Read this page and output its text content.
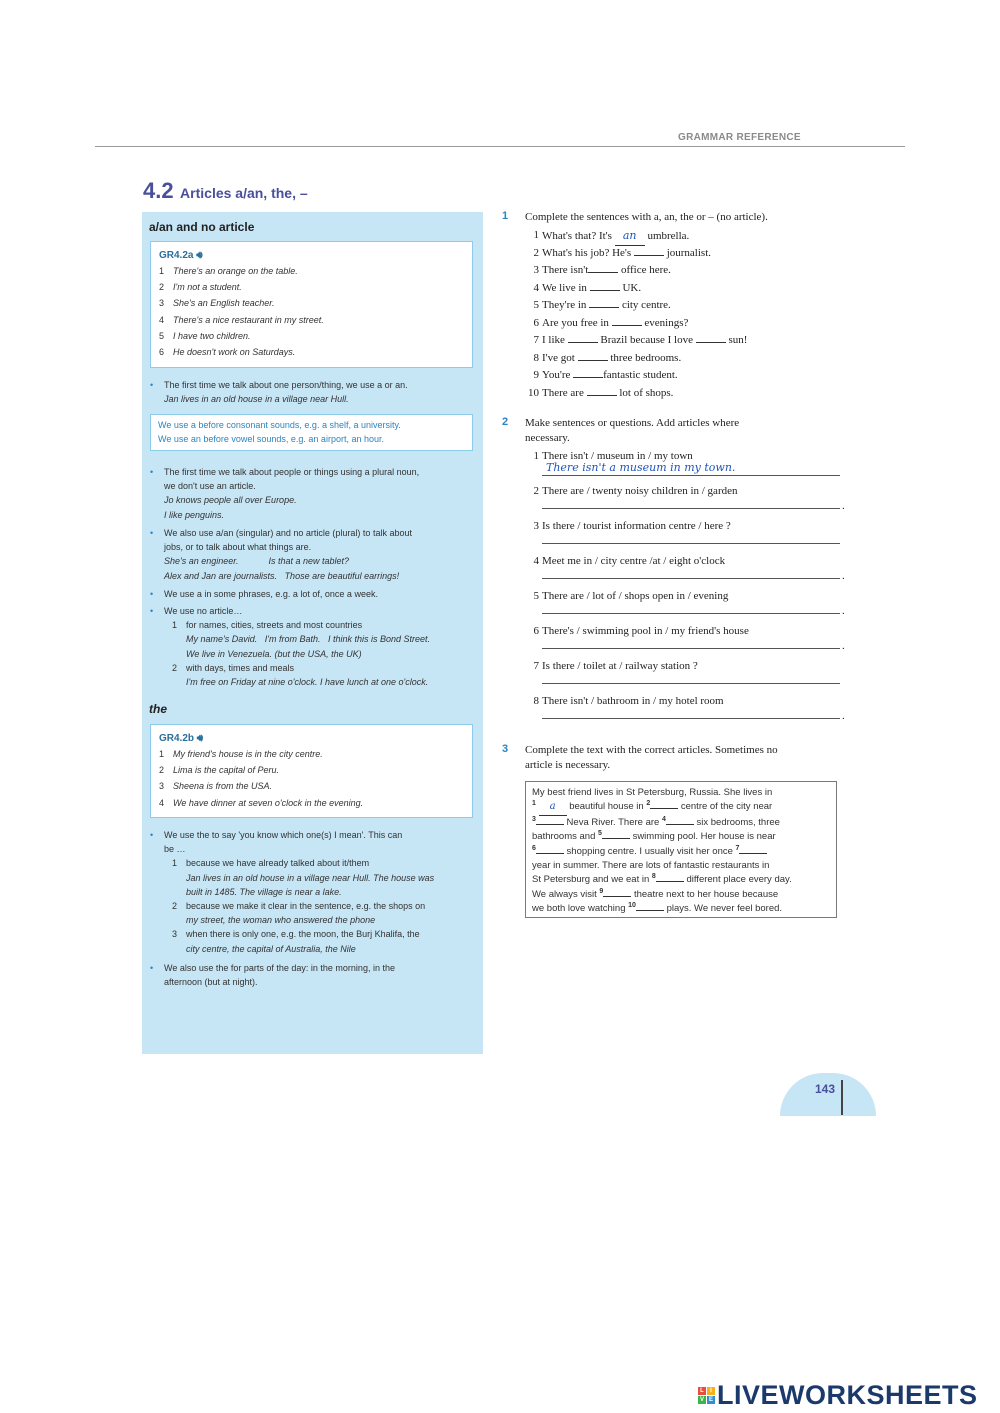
GRAMMAR REFERENCE
4.2 Articles a/an, the, –
a/an and no article
GR4.2a 🔊︎
1 There's an orange on the table.
2 I'm not a student.
3 She's an English teacher.
4 There's a nice restaurant in my street.
5 I have two children.
6 He doesn't work on Saturdays.
•	The first time we talk about one person/thing, we use a or an.
Jan lives in an old house in a village near Hull.
We use a before consonant sounds, e.g. a shelf, a university.
We use an before vowel sounds, e.g. an airport, an hour.
•	The first time we talk about people or things using a plural noun,
we don't use an article.
Jo knows people all over Europe.
I like penguins.
•	We also use a/an (singular) and no article (plural) to talk about
jobs, or to talk about what things are.
She's an engineer.            Is that a new tablet?
Alex and Jan are journalists.   Those are beautiful earrings!
•	We use a in some phrases, e.g. a lot of, once a week.
•	We use no article…
1 for names, cities, streets and most countries
My name's David.   I'm from Bath.   I think this is Bond Street.
We live in Venezuela. (but the USA, the UK)
2 with days, times and meals
I'm free on Friday at nine o'clock. I have lunch at one o'clock.
the
GR4.2b 🔊︎
1 My friend's house is in the city centre.
2 Lima is the capital of Peru.
3 Sheena is from the USA.
4 We have dinner at seven o'clock in the evening.
•	We use the to say 'you know which one(s) I mean'. This can
be …
1 because we have already talked about it/them
Jan lives in an old house in a village near Hull. The house was
built in 1485. The village is near a lake.
2 because we make it clear in the sentence, e.g. the shops on
my street, the woman who answered the phone
3 when there is only one, e.g. the moon, the Burj Khalifa, the
city centre, the capital of Australia, the Nile
•	We also use the for parts of the day: in the morning, in the
afternoon (but at night).
1 Complete the sentences with a, an, the or – (no article).
1 What's that? It's an umbrella.
2 What's his job? He's	journalist.
3 There isn't	office here.
4 We live in	UK.
5 They're in	city centre.
6 Are you free in	evenings?
7 I like	Brazil because I love	sun!
8 I've got	three bedrooms.
9 You're	fantastic student.
10 There are	lot of shops.
2 Make sentences or questions. Add articles where
necessary.
1 There isn't / museum in / my town
There isn't a museum in my town.
2 There are / twenty noisy children in / garden
.
3 Is there / tourist information centre / here ?
4 Meet me in / city centre /at / eight o'clock
.
5 There are / lot of / shops open in / evening
.
6 There's / swimming pool in / my friend's house
.
7 Is there / toilet at / railway station ?
8 There isn't / bathroom in / my hotel room
.
3 Complete the text with the correct articles. Sometimes no
article is necessary.
My best friend lives in St Petersburg, Russia. She lives in
$^1$ a beautiful house in $^2$	centre of the city near
$^3$	Neva River. There are $^4$	six bedrooms, three
bathrooms and $^5$	swimming pool. Her house is near
$^6$	shopping centre. I usually visit her once $^7$
year in summer. There are lots of fantastic restaurants in
St Petersburg and we eat in $^8$	different place every day.
We always visit $^9$	theatre next to her house because
we both love watching $^{10}$	plays. We never feel bored.
143
L	I
V E LIVEWORKSHEETS
